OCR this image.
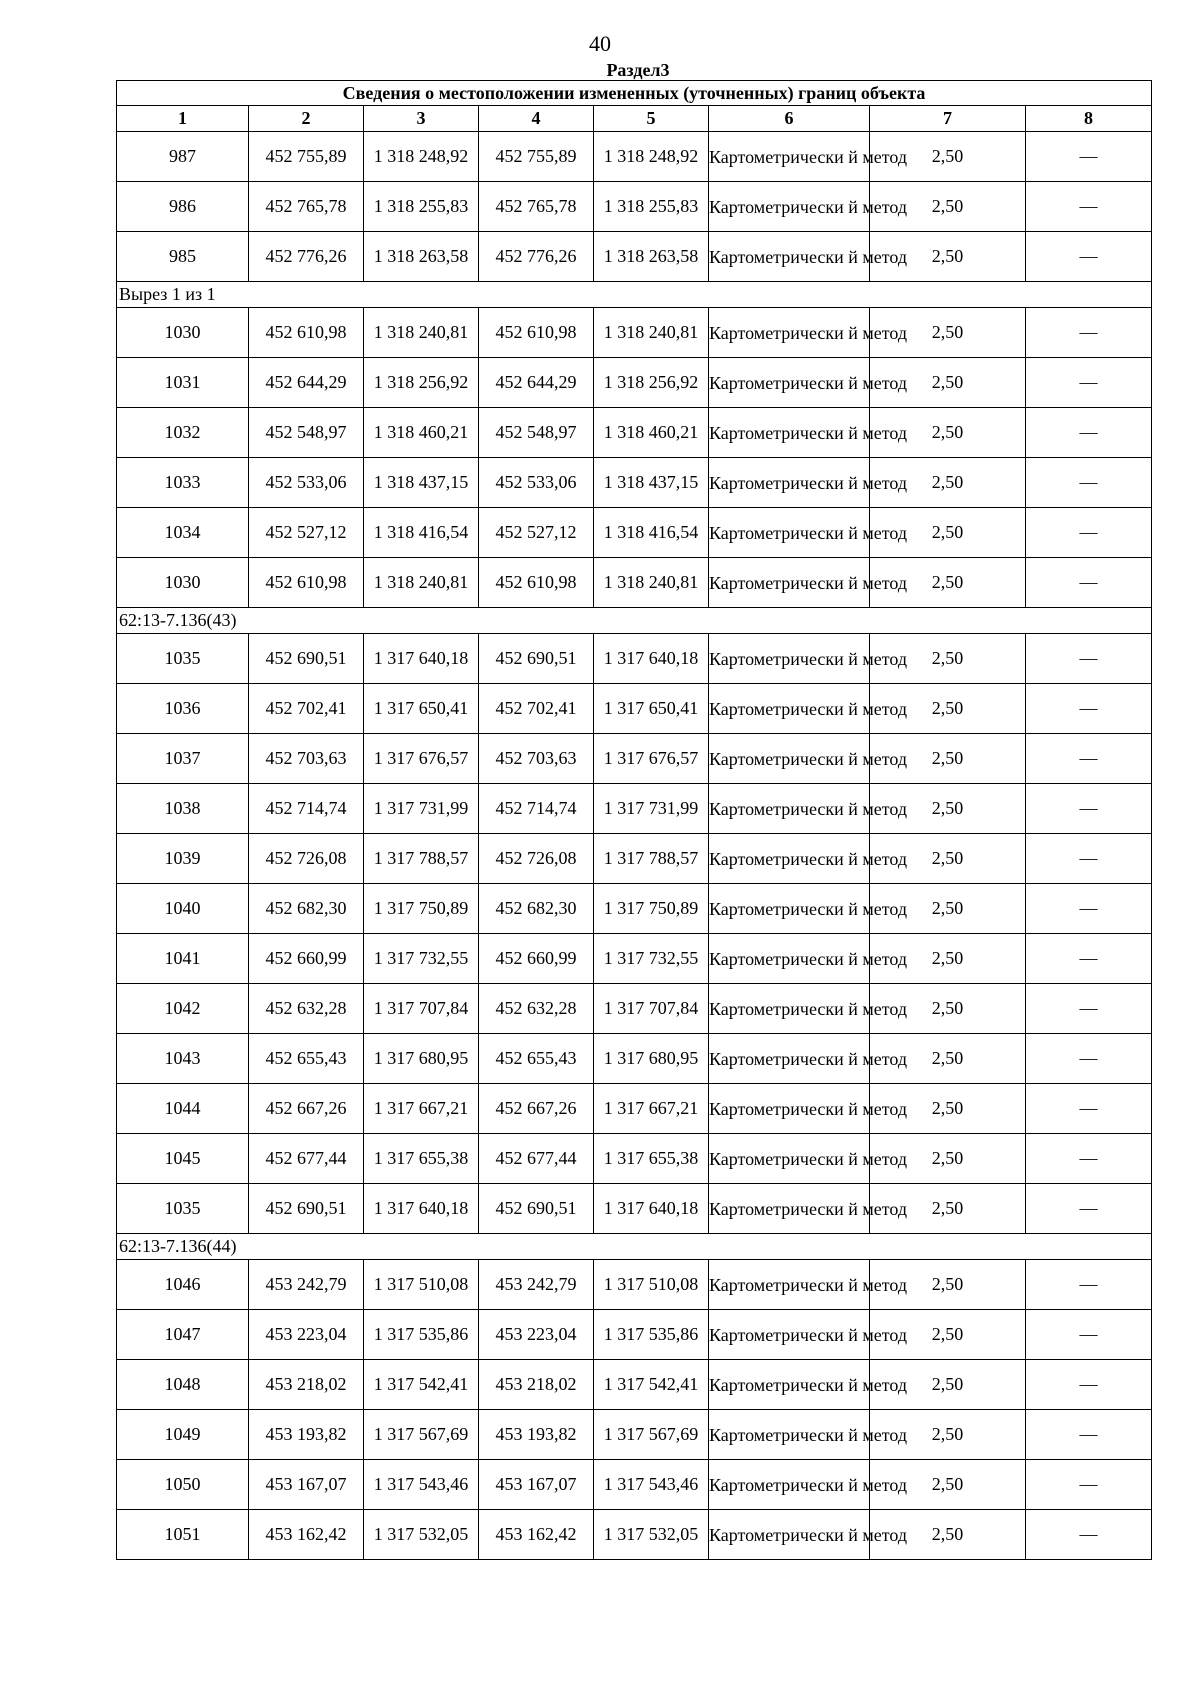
40
Раздел3
Сведения о местоположении измененных (уточненных) границ объекта							
1	2	3	4	5	6	7	8
987	452 755,89	1 318 248,92	452 755,89	1 318 248,92	Картометрически й метод	2,50	—
986	452 765,78	1 318 255,83	452 765,78	1 318 255,83	Картометрически й метод	2,50	—
985	452 776,26	1 318 263,58	452 776,26	1 318 263,58	Картометрически й метод	2,50	—
Вырез 1 из 1							
1030	452 610,98	1 318 240,81	452 610,98	1 318 240,81	Картометрически й метод	2,50	—
1031	452 644,29	1 318 256,92	452 644,29	1 318 256,92	Картометрически й метод	2,50	—
1032	452 548,97	1 318 460,21	452 548,97	1 318 460,21	Картометрически й метод	2,50	—
1033	452 533,06	1 318 437,15	452 533,06	1 318 437,15	Картометрически й метод	2,50	—
1034	452 527,12	1 318 416,54	452 527,12	1 318 416,54	Картометрически й метод	2,50	—
1030	452 610,98	1 318 240,81	452 610,98	1 318 240,81	Картометрически й метод	2,50	—
62:13-7.136(43)							
1035	452 690,51	1 317 640,18	452 690,51	1 317 640,18	Картометрически й метод	2,50	—
1036	452 702,41	1 317 650,41	452 702,41	1 317 650,41	Картометрически й метод	2,50	—
1037	452 703,63	1 317 676,57	452 703,63	1 317 676,57	Картометрически й метод	2,50	—
1038	452 714,74	1 317 731,99	452 714,74	1 317 731,99	Картометрически й метод	2,50	—
1039	452 726,08	1 317 788,57	452 726,08	1 317 788,57	Картометрически й метод	2,50	—
1040	452 682,30	1 317 750,89	452 682,30	1 317 750,89	Картометрически й метод	2,50	—
1041	452 660,99	1 317 732,55	452 660,99	1 317 732,55	Картометрически й метод	2,50	—
1042	452 632,28	1 317 707,84	452 632,28	1 317 707,84	Картометрически й метод	2,50	—
1043	452 655,43	1 317 680,95	452 655,43	1 317 680,95	Картометрически й метод	2,50	—
1044	452 667,26	1 317 667,21	452 667,26	1 317 667,21	Картометрически й метод	2,50	—
1045	452 677,44	1 317 655,38	452 677,44	1 317 655,38	Картометрически й метод	2,50	—
1035	452 690,51	1 317 640,18	452 690,51	1 317 640,18	Картометрически й метод	2,50	—
62:13-7.136(44)							
1046	453 242,79	1 317 510,08	453 242,79	1 317 510,08	Картометрически й метод	2,50	—
1047	453 223,04	1 317 535,86	453 223,04	1 317 535,86	Картометрически й метод	2,50	—
1048	453 218,02	1 317 542,41	453 218,02	1 317 542,41	Картометрически й метод	2,50	—
1049	453 193,82	1 317 567,69	453 193,82	1 317 567,69	Картометрически й метод	2,50	—
1050	453 167,07	1 317 543,46	453 167,07	1 317 543,46	Картометрически й метод	2,50	—
1051	453 162,42	1 317 532,05	453 162,42	1 317 532,05	Картометрически й метод	2,50	—
